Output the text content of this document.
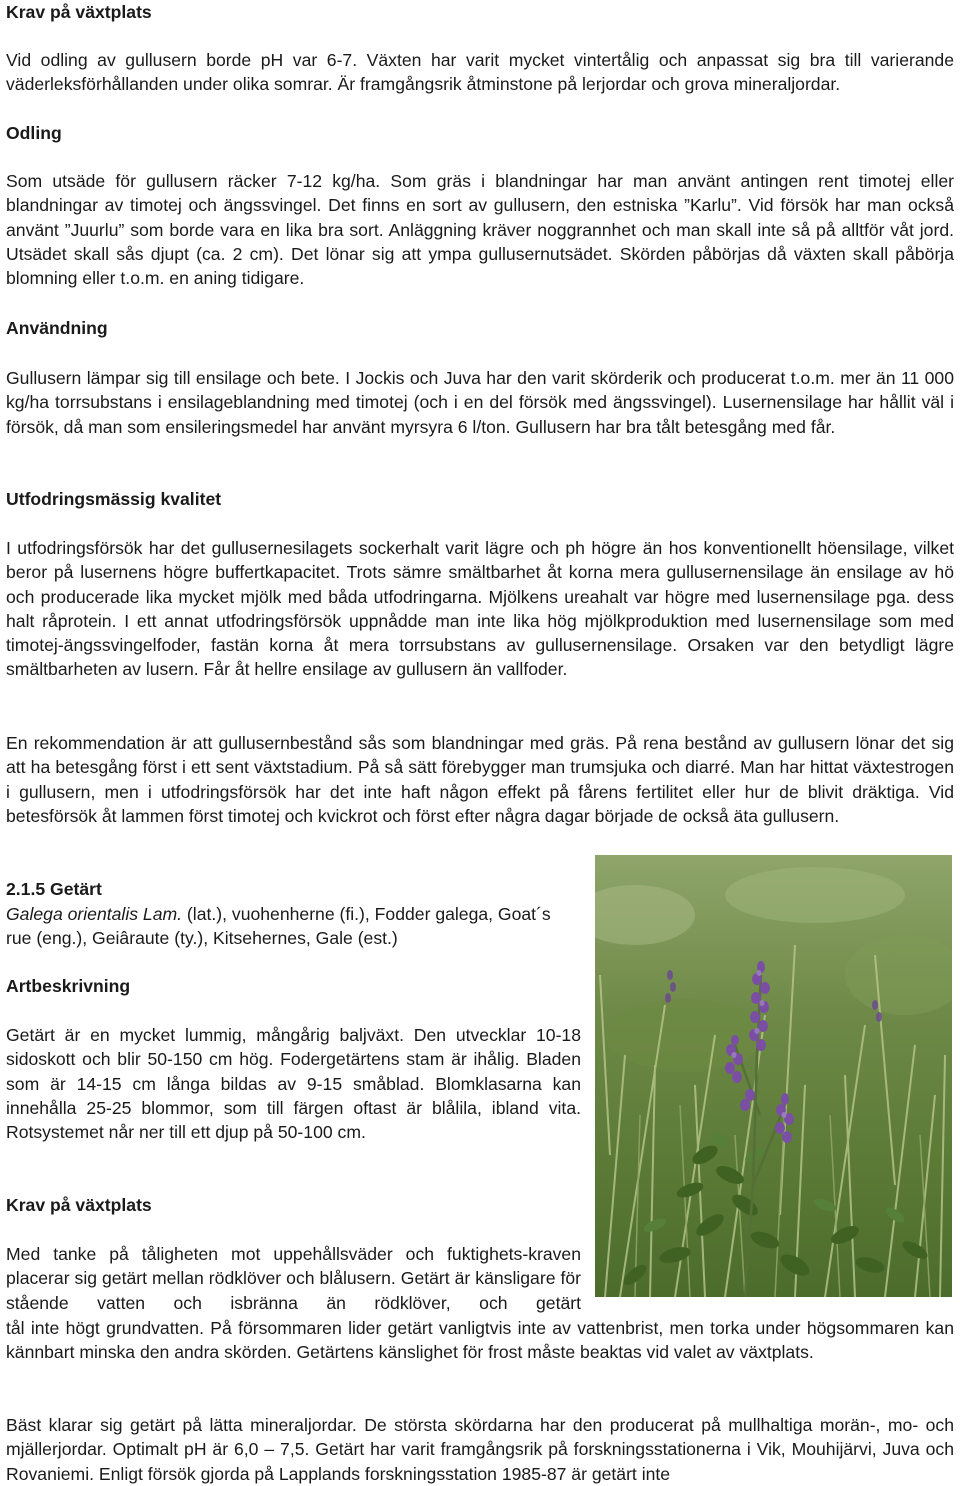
Krav på växtplats

Vid odling av gullusern borde pH var 6-7. Växten har varit mycket vintertålig och anpassat sig bra till varierande väderleksförhållanden under olika somrar. Är framgångsrik åtminstone på lerjordar och grova mineraljordar.

Odling

Som utsäde för gullusern räcker 7-12 kg/ha. Som gräs i blandningar har man använt antingen rent timotej eller blandningar av timotej och ängssvingel. Det finns en sort av gullusern, den estniska ”Karlu”. Vid försök har man också använt ”Juurlu” som borde vara en lika bra sort. Anläggning kräver noggrannhet och man skall inte så på alltför våt jord. Utsädet skall sås djupt (ca. 2 cm). Det lönar sig att ympa gullusernutsädet. Skörden påbörjas då växten skall påbörja blomning eller t.o.m. en aning tidigare.

Användning

Gullusern lämpar sig till ensilage och bete. I Jockis och Juva har den varit skörderik och producerat t.o.m. mer än 11 000 kg/ha torrsubstans i ensilageblandning med timotej (och i en del försök med ängssvingel). Lusernensilage har hållit väl i försök, då man som ensileringsmedel har använt myrsyra 6 l/ton. Gullusern har bra tålt betesgång med får.

Utfodringsmässig kvalitet

I utfodringsförsök har det gullusernesilagets sockerhalt varit lägre och ph högre än hos konventionellt höensilage, vilket beror på lusernens högre buffertkapacitet. Trots sämre smältbarhet åt korna mera gullusernensilage än ensilage av hö och producerade lika mycket mjölk med båda utfodringarna. Mjölkens ureahalt var högre med lusernensilage pga. dess halt råprotein. I ett annat utfodringsförsök uppnådde man inte lika hög mjölkproduktion med lusernensilage som med timotej-ängssvingelfoder, fastän korna åt mera torrsubstans av gullusernensilage. Orsaken var den betydligt lägre smältbarheten av lusern. Får åt hellre ensilage av gullusern än vallfoder.

En rekommendation är att gullusernbestånd sås som blandningar med gräs. På rena bestånd av gullusern lönar det sig att ha betesgång först i ett sent växtstadium. På så sätt förebygger man trumsjuka och diarré. Man har hittat växtestrogen i gullusern, men i utfodringsförsök har det inte haft någon effekt på fårens fertilitet eller hur de blivit dräktiga. Vid betesförsök åt lammen först timotej och kvickrot och först efter några dagar började de också äta gullusern.

2.1.5 Getärt

Galega orientalis Lam. (lat.), vuohenherne (fi.), Fodder galega, Goat´s rue (eng.), Geiâraute (ty.), Kitsehernes, Gale (est.)

Artbeskrivning

Getärt är en mycket lummig, mångårig baljväxt. Den utvecklar 10-18 sidoskott och blir 50-150 cm hög. Fodergetärtens stam är ihålig. Bladen som är 14-15 cm långa bildas av 9-15 småblad. Blomklasarna kan innehålla 25-25 blommor, som till färgen oftast är blålila, ibland vita. Rotsystemet når ner till ett djup på 50-100 cm.

Krav på växtplats

Med tanke på tåligheten mot uppehållsväder och fuktighets-kraven placerar sig getärt mellan rödklöver och blålusern. Getärt är känsligare för stående vatten och isbränna än rödklöver, och getärt

tål inte högt grundvatten. På försommaren lider getärt vanligtvis inte av vattenbrist, men torka under högsommaren kan kännbart minska den andra skörden. Getärtens känslighet för frost måste beaktas vid valet av växtplats.

Bäst klarar sig getärt på lätta mineraljordar. De största skördarna har den producerat på mullhaltiga morän-, mo- och mjällerjordar. Optimalt pH är 6,0 – 7,5. Getärt har varit framgångsrik på forskningsstationerna i Vik, Mouhijärvi, Juva och Rovaniemi. Enligt försök gjorda på Lapplands forskningsstation 1985-87 är getärt inte
